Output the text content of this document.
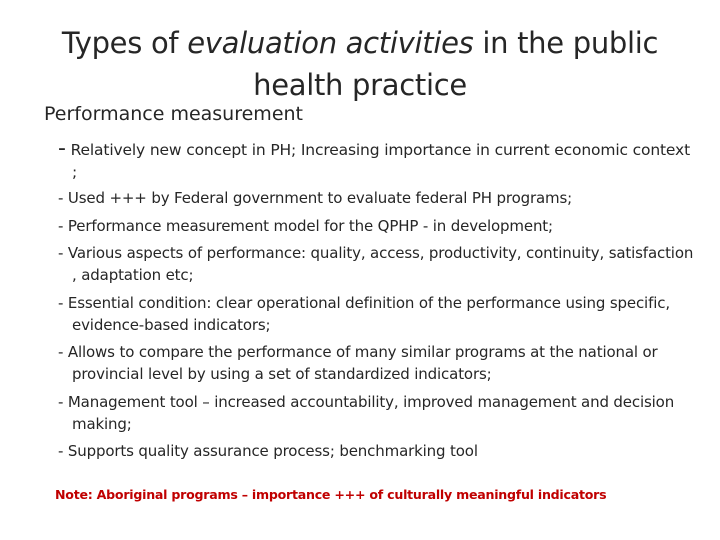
Types of evaluation activities in the public health practice
Performance measurement
- Relatively new concept in PH; Increasing importance in current economic context ;
- Used +++ by Federal government to evaluate federal PH programs;
- Performance measurement model for the QPHP - in development;
- Various aspects of performance: quality, access, productivity, continuity, satisfaction , adaptation etc;
- Essential condition: clear operational definition of the performance using specific, evidence-based indicators;
- Allows to compare the performance of many similar programs at the national or provincial level by using a set of standardized indicators;
- Management tool – increased accountability, improved management and decision making;
- Supports quality assurance process; benchmarking tool
Note: Aboriginal programs – importance +++ of culturally meaningful indicators
